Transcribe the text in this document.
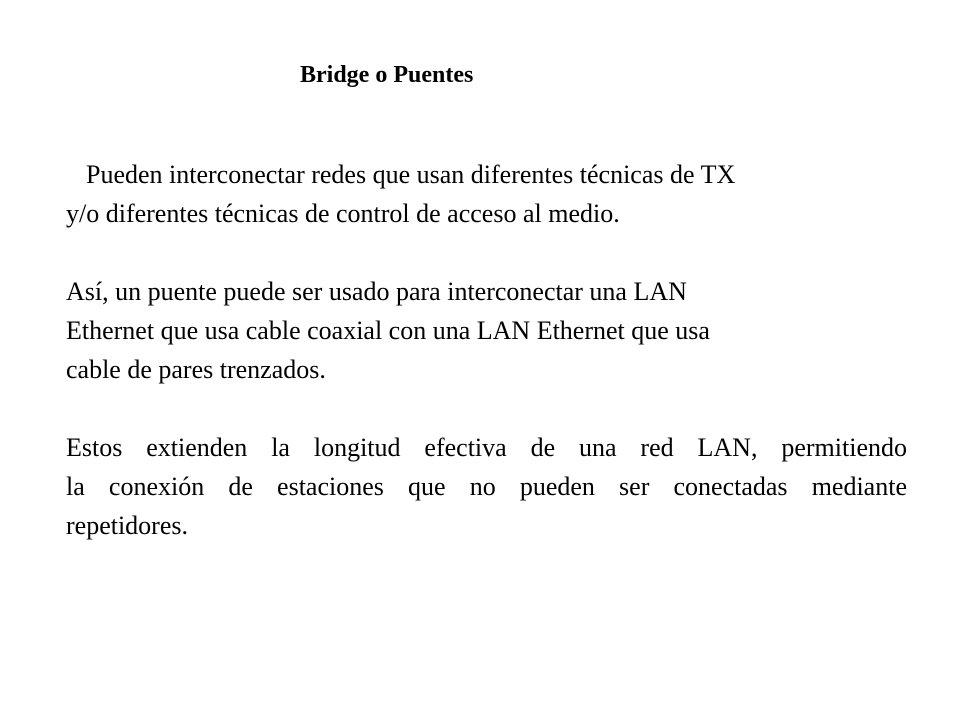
Bridge o Puentes

Pueden interconectar redes que usan diferentes técnicas de TX
y/o diferentes técnicas de control de acceso al medio.

Así, un puente puede ser usado para interconectar una LAN
Ethernet que usa cable coaxial con una LAN Ethernet que usa
cable de pares trenzados.

Estos extienden la longitud efectiva de una red LAN, permitiendo
la conexión de estaciones que no pueden ser conectadas mediante
repetidores.
